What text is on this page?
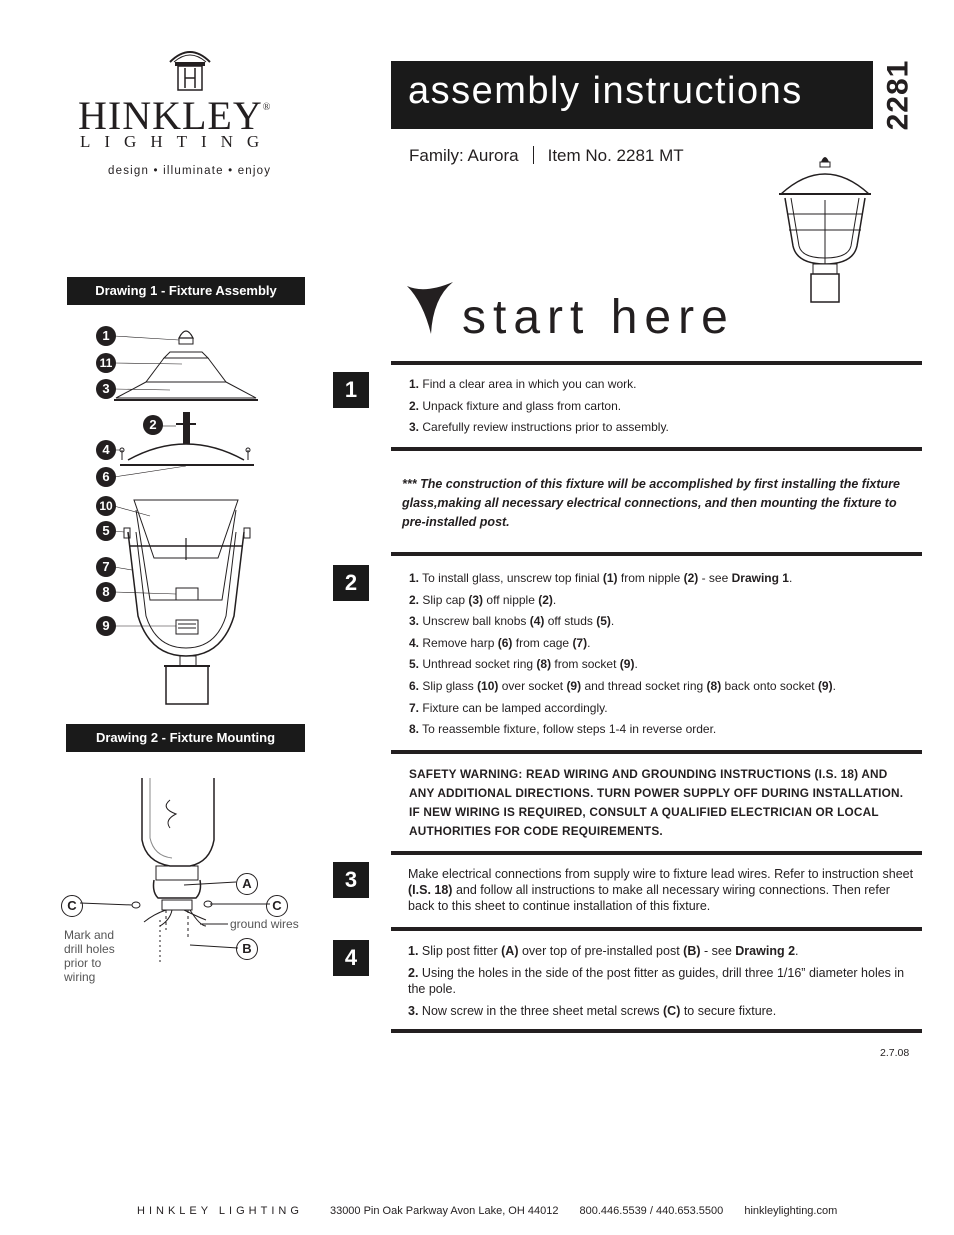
HINKLEY®
LIGHTING
design • illuminate • enjoy
assembly instructions	2281
Family: Aurora Item No. 2281 MT
start here
Drawing 1 - Fixture Assembly
1
11
3
2
4
6
10
5
7
8
9
Drawing 2 - Fixture Mounting
A
B
C	C
ground wires
Mark and
drill holes
prior to
wiring
1	1. Find a clear area in which you can work.
2. Unpack fixture and glass from carton.
3. Carefully review instructions prior to assembly.
*** The construction of this fixture will be accomplished by first installing the fixture glass,making all necessary electrical connections, and then mounting the fixture to pre-installed post.
2	1. To install glass, unscrew top finial (1) from nipple (2) - see Drawing 1.
2. Slip cap (3) off nipple (2).
3. Unscrew ball knobs (4) off studs (5).
4. Remove harp (6) from cage (7).
5. Unthread socket ring (8) from socket (9).
6. Slip glass (10) over socket (9) and thread socket ring (8) back onto socket (9).
7. Fixture can be lamped accordingly.
8. To reassemble fixture, follow steps 1-4 in reverse order.
SAFETY WARNING: READ WIRING AND GROUNDING INSTRUCTIONS (I.S. 18) AND ANY ADDITIONAL DIRECTIONS. TURN POWER SUPPLY OFF DURING INSTALLATION. IF NEW WIRING IS REQUIRED, CONSULT A QUALIFIED ELECTRICIAN OR LOCAL AUTHORITIES FOR CODE REQUIREMENTS.
3	Make electrical connections from supply wire to fixture lead wires. Refer to instruction sheet (I.S. 18) and follow all instructions to make all necessary wiring connections. Then refer back to this sheet to continue installation of this fixture.
4	1. Slip post fitter (A) over top of pre-installed post (B) - see Drawing 2.
2. Using the holes in the side of the post fitter as guides, drill three 1/16” diameter holes in the pole.
3. Now screw in the three sheet metal screws (C) to secure fixture.
2.7.08
HINKLEY LIGHTING 33000 Pin Oak Parkway Avon Lake, OH 44012 800.446.5539 / 440.653.5500 hinkleylighting.com
